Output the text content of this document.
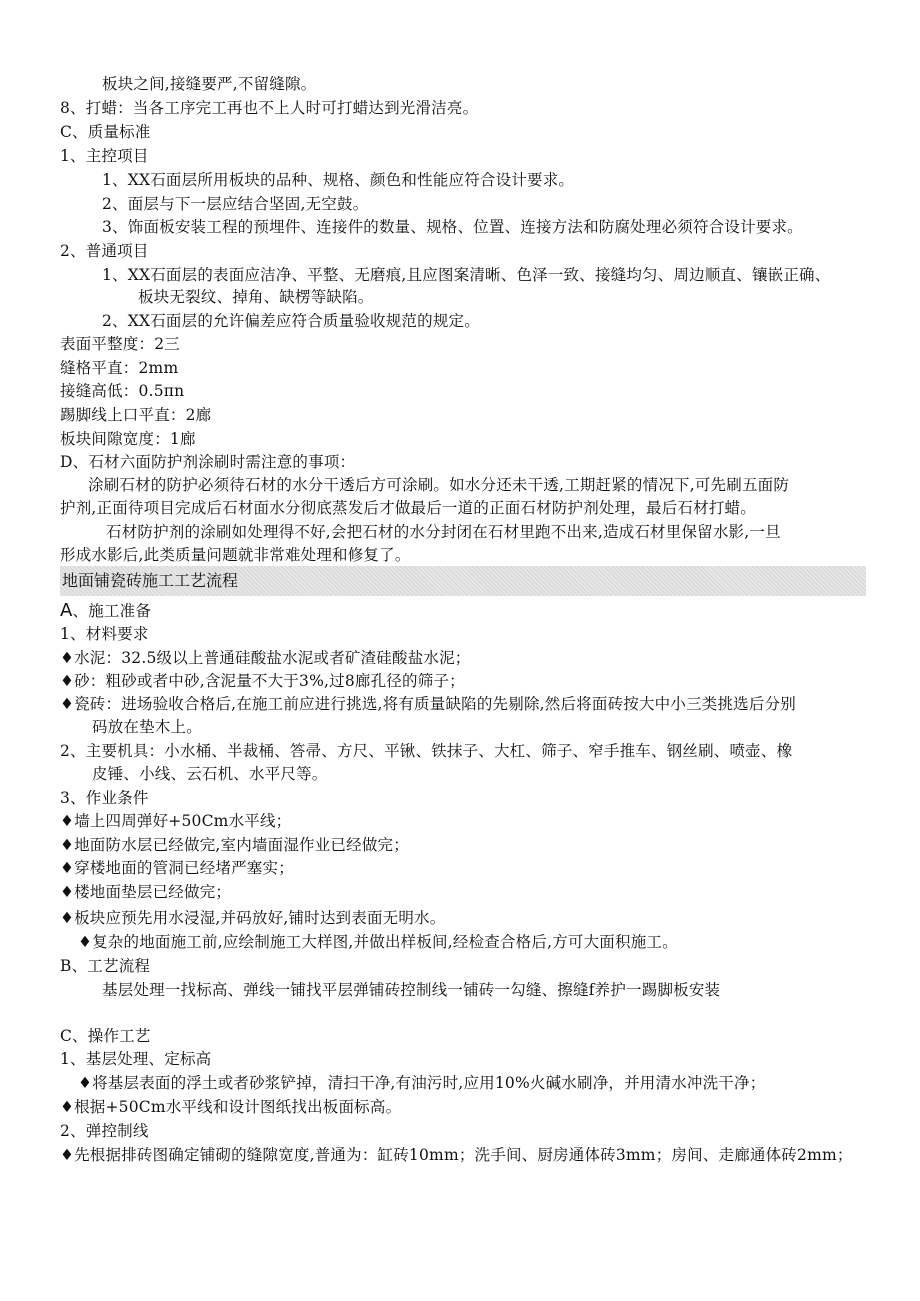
板块之间,接缝要严,不留缝隙。
8、打蜡：当各工序完工再也不上人时可打蜡达到光滑洁亮。
C、质量标准
1、主控项目
1、XX石面层所用板块的品种、规格、颜色和性能应符合设计要求。
2、面层与下一层应结合坚固,无空鼓。
3、饰面板安装工程的预埋件、连接件的数量、规格、位置、连接方法和防腐处理必须符合设计要求。
2、普通项目
1、XX石面层的表面应洁净、平整、无磨痕,且应图案清晰、色泽一致、接缝均匀、周边顺直、镶嵌正确、
板块无裂纹、掉角、缺楞等缺陷。
2、XX石面层的允许偏差应符合质量验收规范的规定。
表面平整度：2三
缝格平直：2mm
接缝高低：0.5πn
踢脚线上口平直：2廊
板块间隙宽度：1廊
D、石材六面防护剂涂刷时需注意的事项：
涂刷石材的防护必须待石材的水分干透后方可涂刷。如水分还未干透,工期赶紧的情况下,可先刷五面防
护剂,正面待项目完成后石材面水分彻底蒸发后才做最后一道的正面石材防护剂处理，最后石材打蜡。
石材防护剂的涂刷如处理得不好,会把石材的水分封闭在石材里跑不出来,造成石材里保留水影,一旦
形成水影后,此类质量问题就非常难处理和修复了。
地面铺瓷砖施工工艺流程
A、施工准备
1、材料要求
♦水泥：32.5级以上普通硅酸盐水泥或者矿渣硅酸盐水泥；
♦砂：粗砂或者中砂,含泥量不大于3%,过8廊孔径的筛子；
♦瓷砖：进场验收合格后,在施工前应进行挑选,将有质量缺陷的先剔除,然后将面砖按大中小三类挑选后分别
码放在垫木上。
2、主要机具：小水桶、半裁桶、答帚、方尺、平锹、铁抹子、大杠、筛子、窄手推车、钢丝刷、喷壶、橡
皮锤、小线、云石机、水平尺等。
3、作业条件
♦墙上四周弹好+50Cm水平线；
♦地面防水层已经做完,室内墙面湿作业已经做完；
♦穿楼地面的管洞已经堵严塞实；
♦楼地面垫层已经做完；
♦板块应预先用水浸湿,并码放好,铺时达到表面无明水。
♦复杂的地面施工前,应绘制施工大样图,并做出样板间,经检查合格后,方可大面积施工。
B、工艺流程
基层处理一找标高、弹线一铺找平层弹铺砖控制线一铺砖一勾缝、擦缝f养护一踢脚板安装
C、操作工艺
1、基层处理、定标高
♦将基层表面的浮土或者砂浆铲掉，清扫干净,有油污时,应用10%火碱水刷净，并用清水冲洗干净；
♦根据+50Cm水平线和设计图纸找出板面标高。
2、弹控制线
♦先根据排砖图确定铺砌的缝隙宽度,普通为：缸砖10mm；洗手间、厨房通体砖3mm；房间、走廊通体砖2mm；
